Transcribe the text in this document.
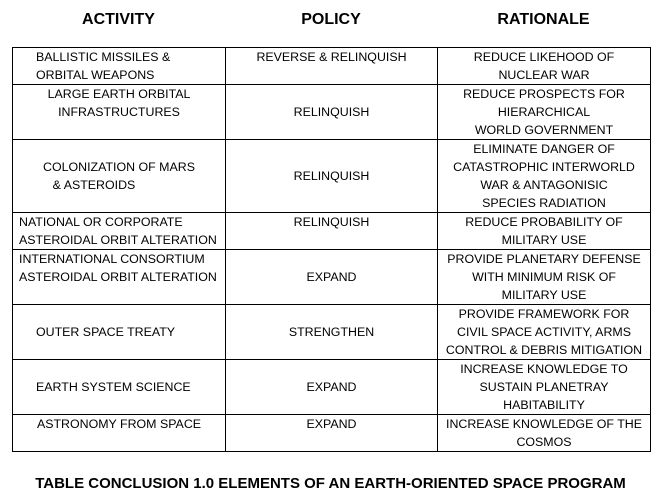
ACTIVITY	POLICY	RATIONALE
BALLISTIC MISSILES &
ORBITAL WEAPONS	REVERSE & RELINQUISH	REDUCE LIKEHOOD OF
NUCLEAR WAR

LARGE EARTH ORBITAL
INFRASTRUCTURES	RELINQUISH	REDUCE PROSPECTS FOR
HIERARCHICAL
WORLD GOVERNMENT

COLONIZATION OF MARS
& ASTEROIDS	RELINQUISH	ELIMINATE DANGER OF
CATASTROPHIC INTERWORLD
WAR & ANTAGONISIC
SPECIES RADIATION

NATIONAL OR CORPORATE
ASTEROIDAL ORBIT ALTERATION	RELINQUISH	REDUCE PROBABILITY OF
MILITARY USE

INTERNATIONAL CONSORTIUM
ASTEROIDAL ORBIT ALTERATION	EXPAND	PROVIDE PLANETARY DEFENSE
WITH MINIMUM RISK OF
MILITARY USE

OUTER SPACE TREATY	STRENGTHEN	PROVIDE FRAMEWORK FOR
CIVIL SPACE ACTIVITY, ARMS
CONTROL & DEBRIS MITIGATION

EARTH SYSTEM SCIENCE	EXPAND	INCREASE KNOWLEDGE TO
SUSTAIN PLANETRAY
HABITABILITY

ASTRONOMY FROM SPACE	EXPAND	INCREASE KNOWLEDGE OF THE
COSMOS
TABLE CONCLUSION 1.0 ELEMENTS OF AN EARTH-ORIENTED SPACE PROGRAM
